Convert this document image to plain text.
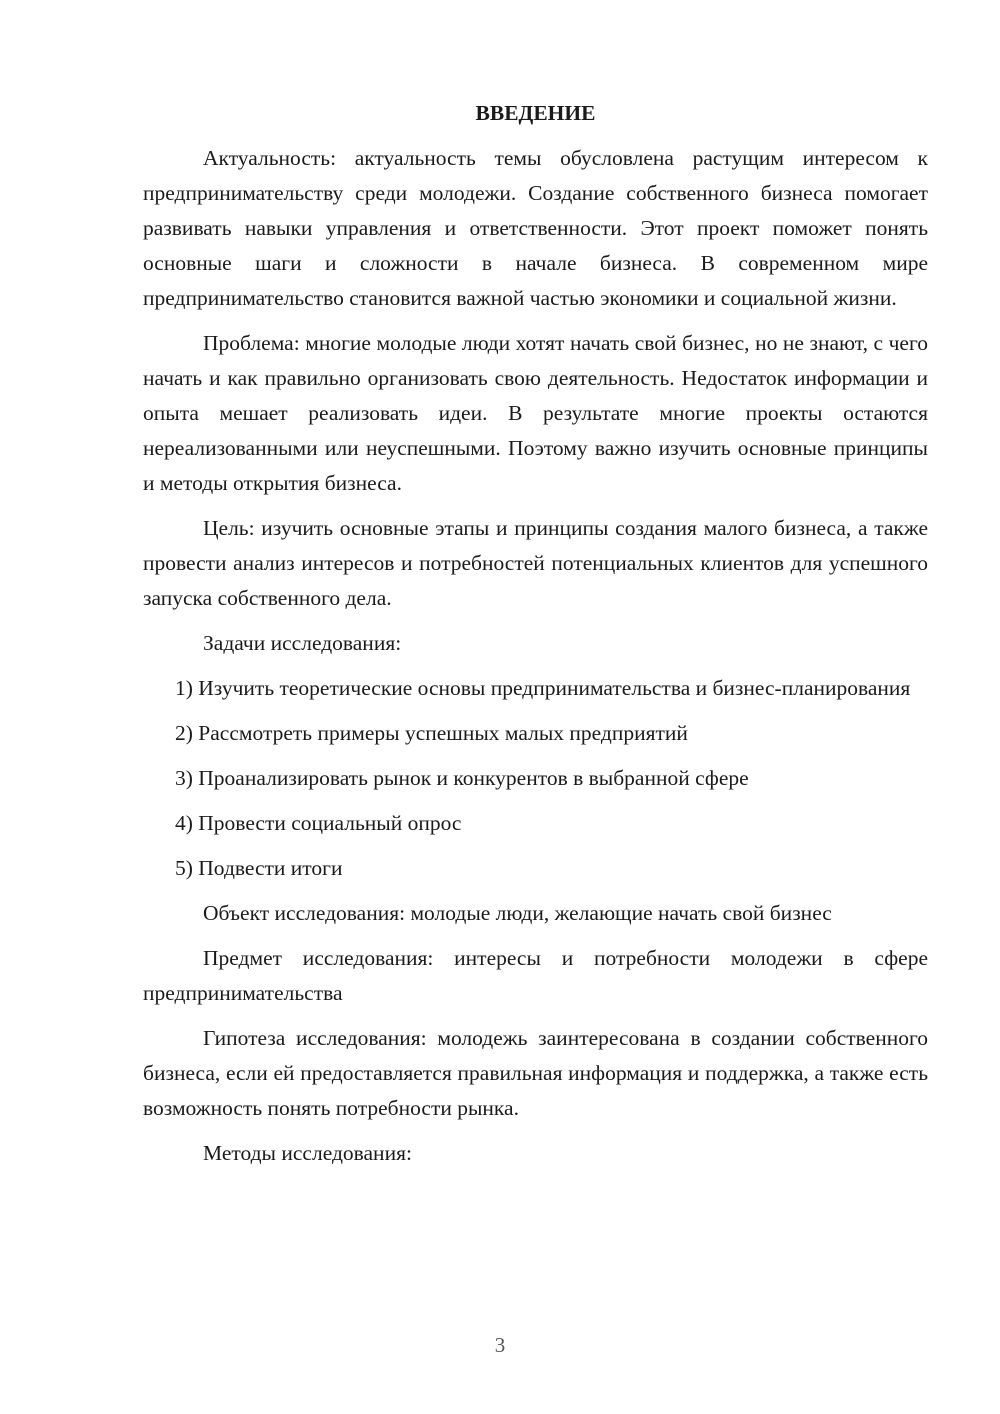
ВВЕДЕНИЕ
Актуальность: актуальность темы обусловлена растущим интересом к предпринимательству среди молодежи. Создание собственного бизнеса помогает развивать навыки управления и ответственности. Этот проект поможет понять основные шаги и сложности в начале бизнеса. В современном мире предпринимательство становится важной частью экономики и социальной жизни.
Проблема: многие молодые люди хотят начать свой бизнес, но не знают, с чего начать и как правильно организовать свою деятельность. Недостаток информации и опыта мешает реализовать идеи. В результате многие проекты остаются нереализованными или неуспешными. Поэтому важно изучить основные принципы и методы открытия бизнеса.
Цель: изучить основные этапы и принципы создания малого бизнеса, а также провести анализ интересов и потребностей потенциальных клиентов для успешного запуска собственного дела.
Задачи исследования:
1) Изучить теоретические основы предпринимательства и бизнес-планирования
2) Рассмотреть примеры успешных малых предприятий
3) Проанализировать рынок и конкурентов в выбранной сфере
4) Провести социальный опрос
5) Подвести итоги
Объект исследования: молодые люди, желающие начать свой бизнес
Предмет исследования: интересы и потребности молодежи в сфере предпринимательства
Гипотеза исследования: молодежь заинтересована в создании собственного бизнеса, если ей предоставляется правильная информация и поддержка, а также есть возможность понять потребности рынка.
Методы исследования:
3
